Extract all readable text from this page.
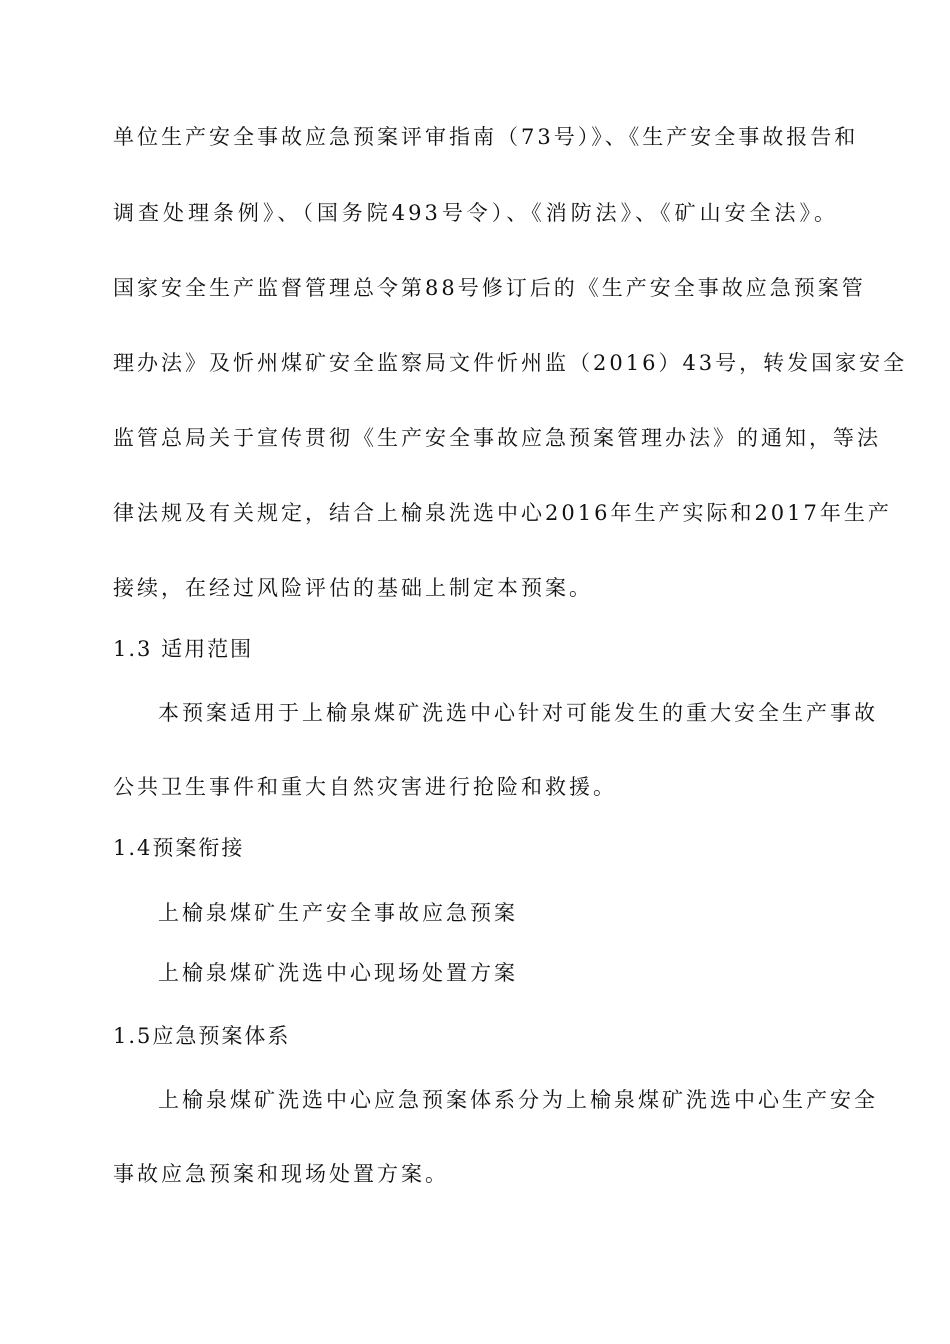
单位生产安全事故应急预案评审指南（73号）》、《生产安全事故报告和
调查处理条例》、（国务院493号令）、《消防法》、《矿山安全法》。
国家安全生产监督管理总令第88号修订后的《生产安全事故应急预案管
理办法》及忻州煤矿安全监察局文件忻州监（2016）43号，转发国家安全
监管总局关于宣传贯彻《生产安全事故应急预案管理办法》的通知，等法
律法规及有关规定，结合上榆泉洗选中心2016年生产实际和2017年生产
接续，在经过风险评估的基础上制定本预案。
1.3 适用范围
本预案适用于上榆泉煤矿洗选中心针对可能发生的重大安全生产事故
公共卫生事件和重大自然灾害进行抢险和救援。
1.4预案衔接
上榆泉煤矿生产安全事故应急预案
上榆泉煤矿洗选中心现场处置方案
1.5应急预案体系
上榆泉煤矿洗选中心应急预案体系分为上榆泉煤矿洗选中心生产安全
事故应急预案和现场处置方案。
